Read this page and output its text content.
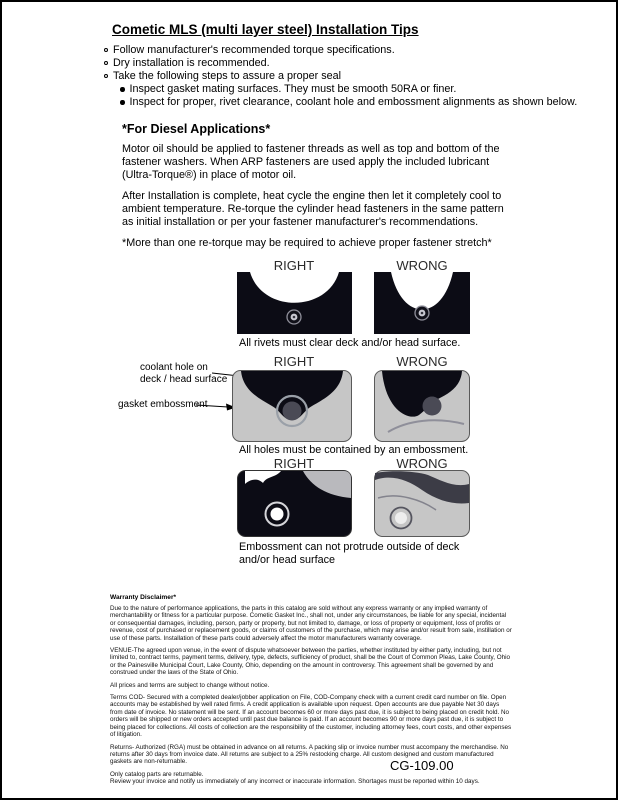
Cometic MLS (multi layer steel) Installation Tips
Follow manufacturer's recommended torque specifications.
Dry installation is recommended.
Take the following steps to assure a proper seal
Inspect gasket mating surfaces. They must be smooth 50RA or finer.
Inspect for proper, rivet clearance, coolant hole and embossment alignments as shown below.
*For Diesel Applications*

Motor oil should be applied to fastener threads as well as top and bottom of the fastener washers. When ARP fasteners are used apply the included lubricant (Ultra-Torque®) in place of motor oil.

After Installation is complete, heat cycle the engine then let it completely cool to ambient temperature. Re-torque the cylinder head fasteners in the same pattern as initial installation or per your fastener manufacturer's recommendations.

*More than one re-torque may be required to achieve proper fastener stretch*

RIGHT	WRONG
All rivets must clear deck and/or head surface.
RIGHT	WRONG
coolant hole on
deck / head surface
gasket embossment
All holes must be contained by an embossment.
RIGHT	WRONG
Embossment can not protrude outside of deck
and/or head surface
Warranty Disclaimer*
Due to the nature of performance applications, the parts in this catalog are sold without any express warranty or any implied warranty of merchantability or fitness for a particular purpose. Cometic Gasket Inc., shall not, under any circumstances, be liable for any special, incidental or consequential damages, including, person, party or property, but not limited to, damage, or loss of property or equipment, loss of profits or revenue, cost of purchased or replacement goods, or claims of customers of the purchase, which may arise and/or result from sale, instillation or use of these parts. Installation of these parts could adversely affect the motor manufacturers warranty coverage.
VENUE-The agreed upon venue, in the event of dispute whatsoever between the parties, whether instituted by either party, including, but not limited to, contract terms, payment terms, delivery, type, defects, sufficiency of product, shall be the Court of Common Pleas, Lake County, Ohio or the Painesville Municipal Court, Lake County, Ohio, depending on the amount in controversy. This agreement shall be governed by and construed under the laws of the State of Ohio.
All prices and terms are subject to change without notice.
Terms COD- Secured with a completed dealer/jobber application on File, COD-Company check with a current credit card number on file. Open accounts may be established by well rated firms. A credit application is available upon request. Open accounts are due payable Net 30 days from date of invoice. No statement will be sent. If an account becomes 60 or more days past due, it is subject to being placed on credit hold. No orders will be shipped or new orders accepted until past due balance is paid. If an account becomes 90 or more days past due, it is subject to being placed for collections. All costs of collection are the responsibility of the customer, including attorney fees, court costs, and other expenses of litigation.
Returns- Authorized (RGA) must be obtained in advance on all returns. A packing slip or invoice number must accompany the merchandise. No returns after 30 days from invoice date. All returns are subject to a 25% restocking charge. All custom designed and custom manufactured gaskets are non-returnable.
Only catalog parts are returnable.
Review your invoice and notify us immediately of any incorrect or inaccurate information. Shortages must be reported within 10 days.
CG-109.00
